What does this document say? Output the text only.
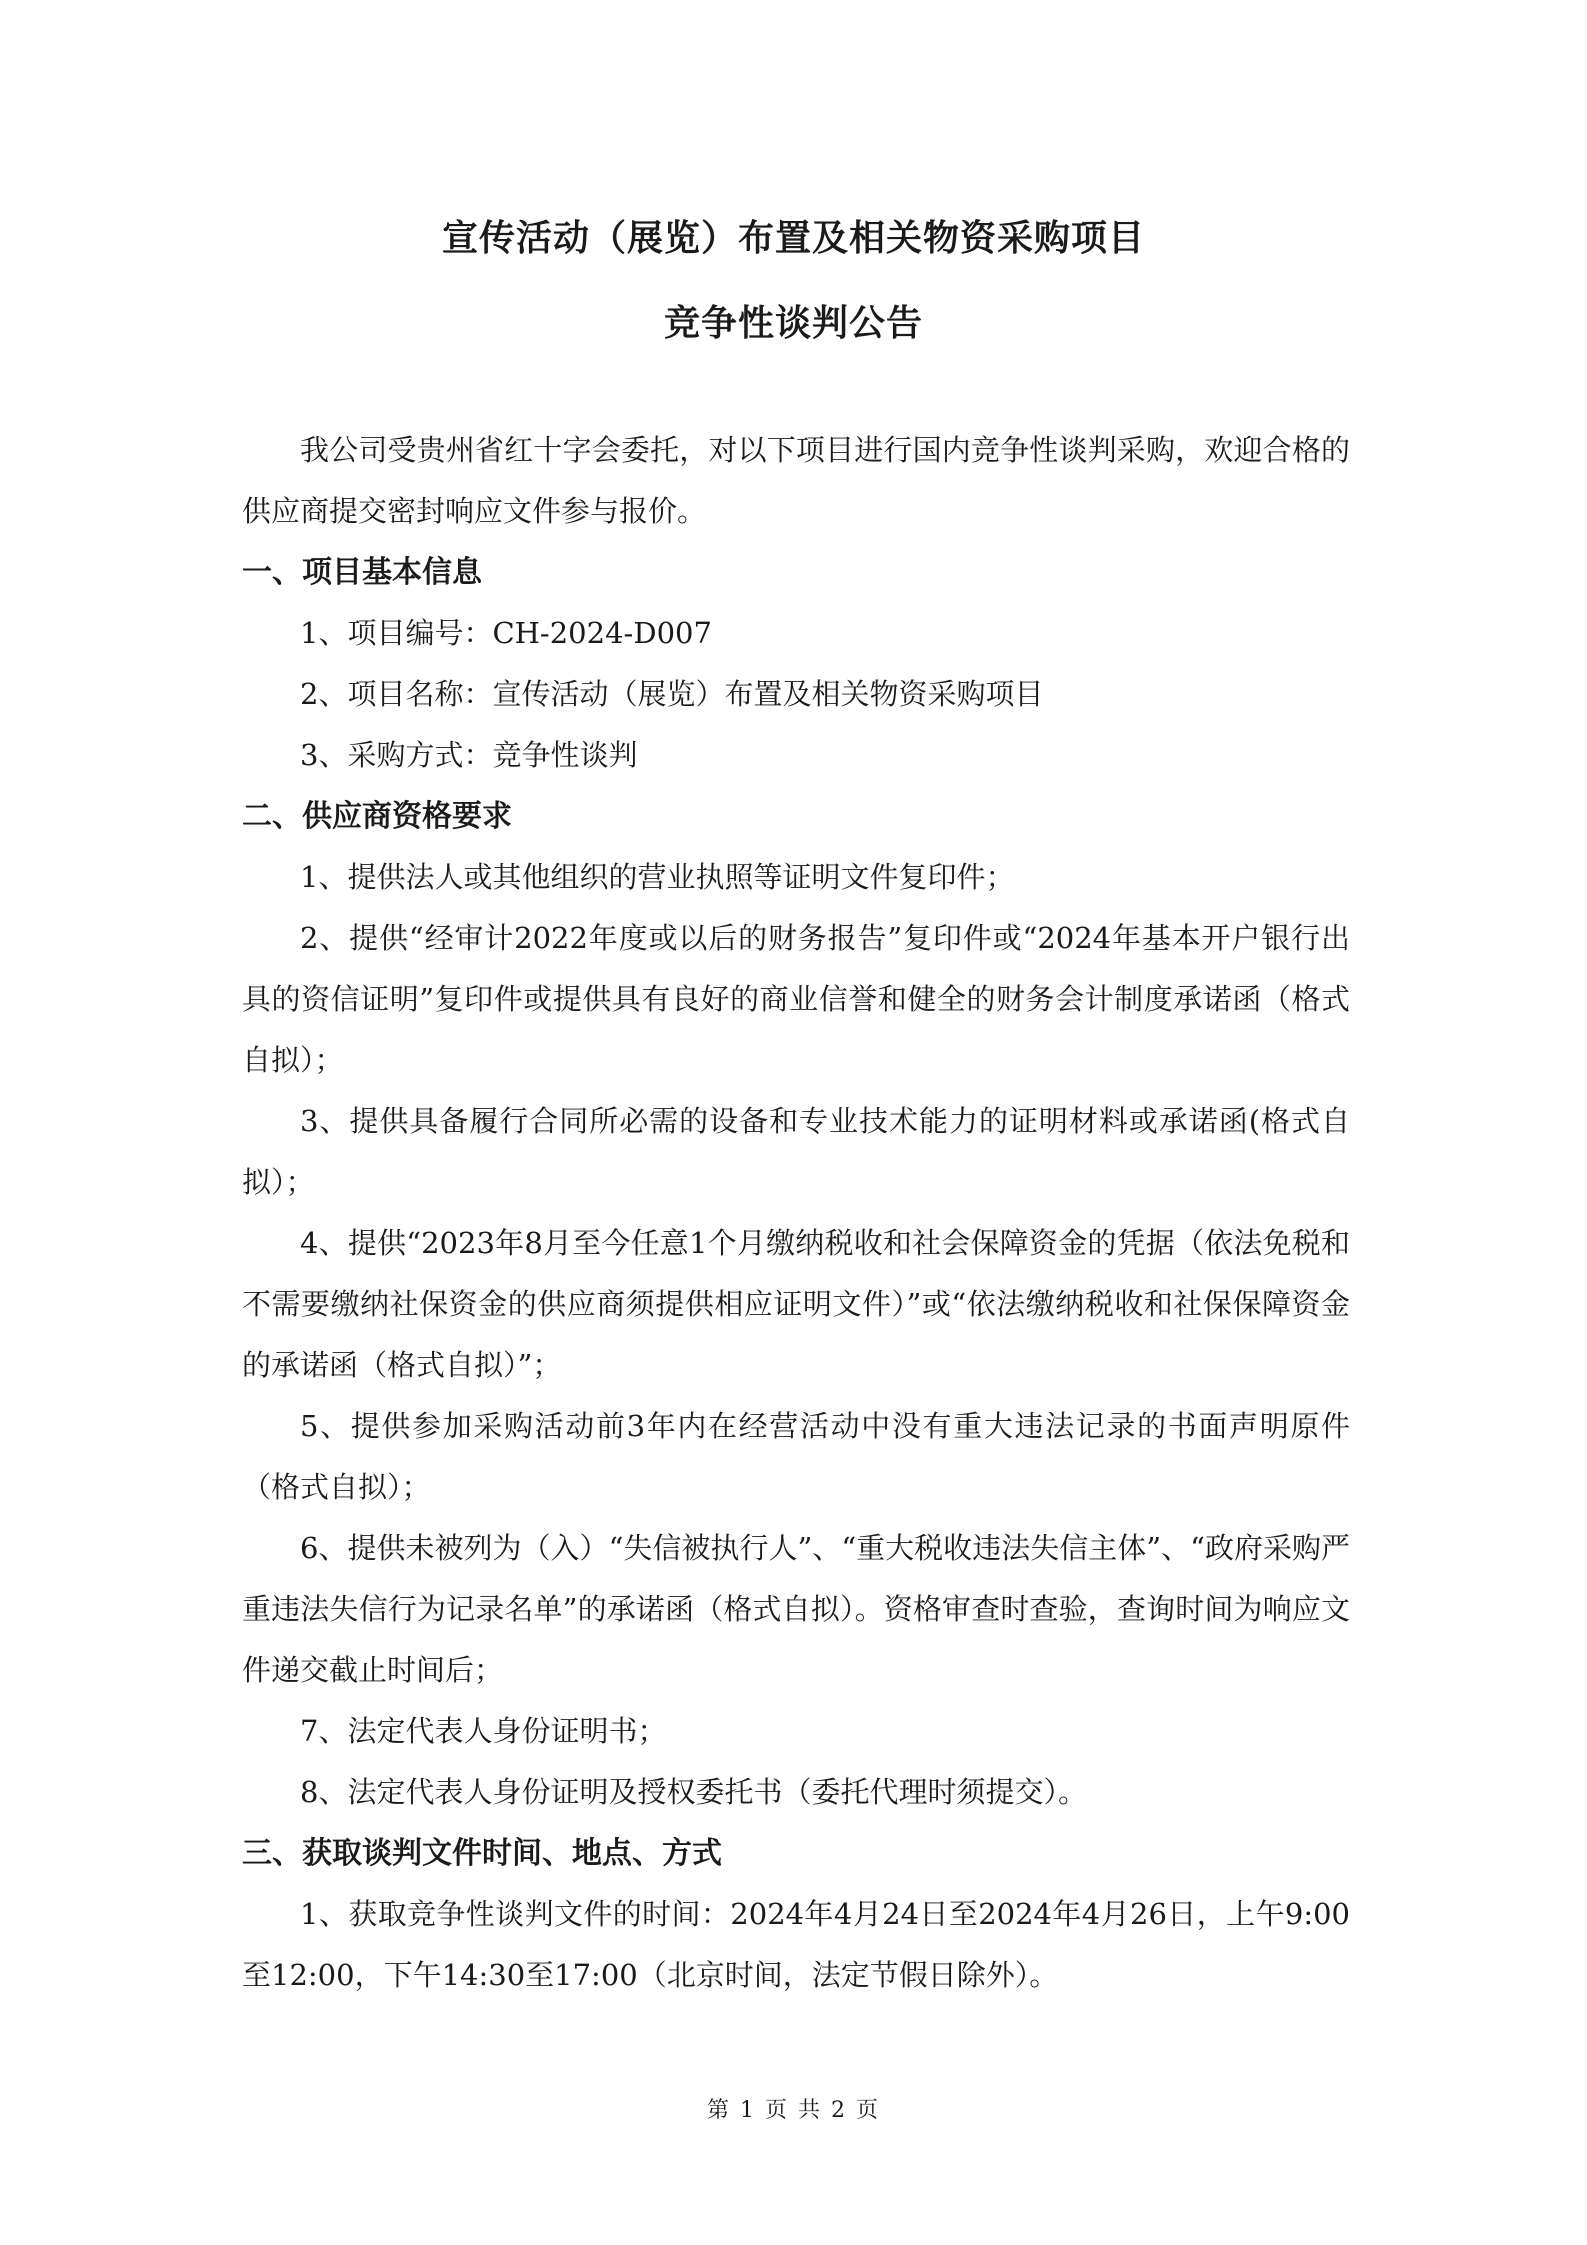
宣传活动（展览）布置及相关物资采购项目
竞争性谈判公告

我公司受贵州省红十字会委托，对以下项目进行国内竞争性谈判采购，欢迎合格的供应商提交密封响应文件参与报价。

一、项目基本信息

1、项目编号：CH-2024-D007

2、项目名称：宣传活动（展览）布置及相关物资采购项目

3、采购方式：竞争性谈判

二、供应商资格要求

1、提供法人或其他组织的营业执照等证明文件复印件；

2、提供“经审计2022年度或以后的财务报告”复印件或“2024年基本开户银行出具的资信证明”复印件或提供具有良好的商业信誉和健全的财务会计制度承诺函（格式自拟）；

3、提供具备履行合同所必需的设备和专业技术能力的证明材料或承诺函(格式自拟）；

4、提供“2023年8月至今任意1个月缴纳税收和社会保障资金的凭据（依法免税和不需要缴纳社保资金的供应商须提供相应证明文件）”或“依法缴纳税收和社保保障资金的承诺函（格式自拟）”；

5、提供参加采购活动前3年内在经营活动中没有重大违法记录的书面声明原件（格式自拟）；

6、提供未被列为（入）“失信被执行人”、“重大税收违法失信主体”、“政府采购严重违法失信行为记录名单”的承诺函（格式自拟）。资格审查时查验，查询时间为响应文件递交截止时间后；

7、法定代表人身份证明书；

8、法定代表人身份证明及授权委托书（委托代理时须提交）。

三、获取谈判文件时间、地点、方式

1、获取竞争性谈判文件的时间：2024年4月24日至2024年4月26日，上午9:00至12:00，下午14:30至17:00（北京时间，法定节假日除外）。

第 1 页 共 2 页
